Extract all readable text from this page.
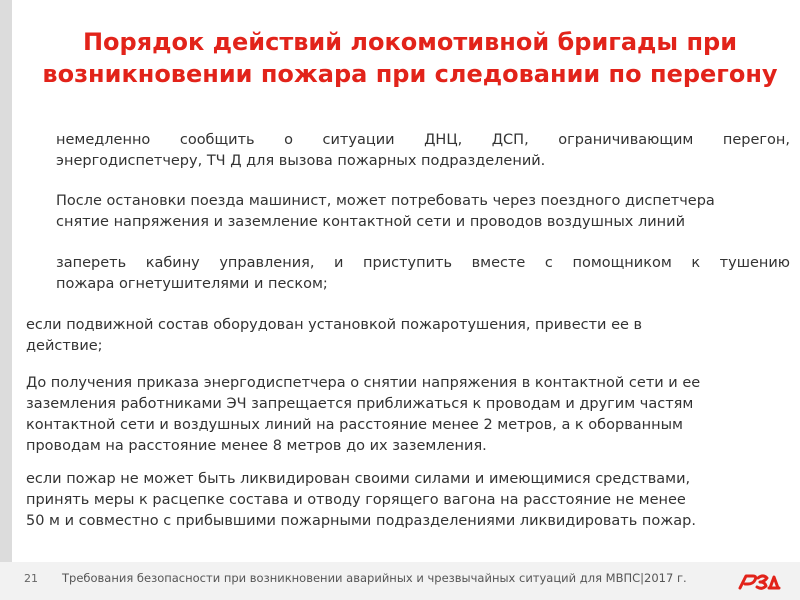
Порядок действий локомотивной бригады при возникновении пожара при следовании по перегону
немедленно сообщить о ситуации ДНЦ, ДСП, ограничивающим перегон,
энергодиспетчеру, ТЧ Д для вызова пожарных подразделений.
После остановки поезда машинист, может потребовать через поездного диспетчера
снятие напряжения и заземление контактной сети и проводов воздушных линий
запереть кабину управления, и приступить вместе с помощником к тушению
пожара огнетушителями и песком;
если подвижной состав оборудован установкой пожаротушения, привести ее в
действие;
До получения приказа энергодиспетчера о снятии напряжения в контактной сети и ее
заземления работниками ЭЧ запрещается приближаться к проводам и другим частям
контактной сети и воздушных линий на расстояние менее 2 метров, а к оборванным
проводам на расстояние менее 8 метров до их заземления.
если пожар не может быть ликвидирован своими силами и имеющимися средствами,
принять меры к расцепке состава и отводу горящего вагона на расстояние не менее
50 м и совместно с прибывшими пожарными подразделениями ликвидировать пожар.
21 Требования безопасности при возникновении аварийных и чрезвычайных ситуаций для МВПС|2017 г.
